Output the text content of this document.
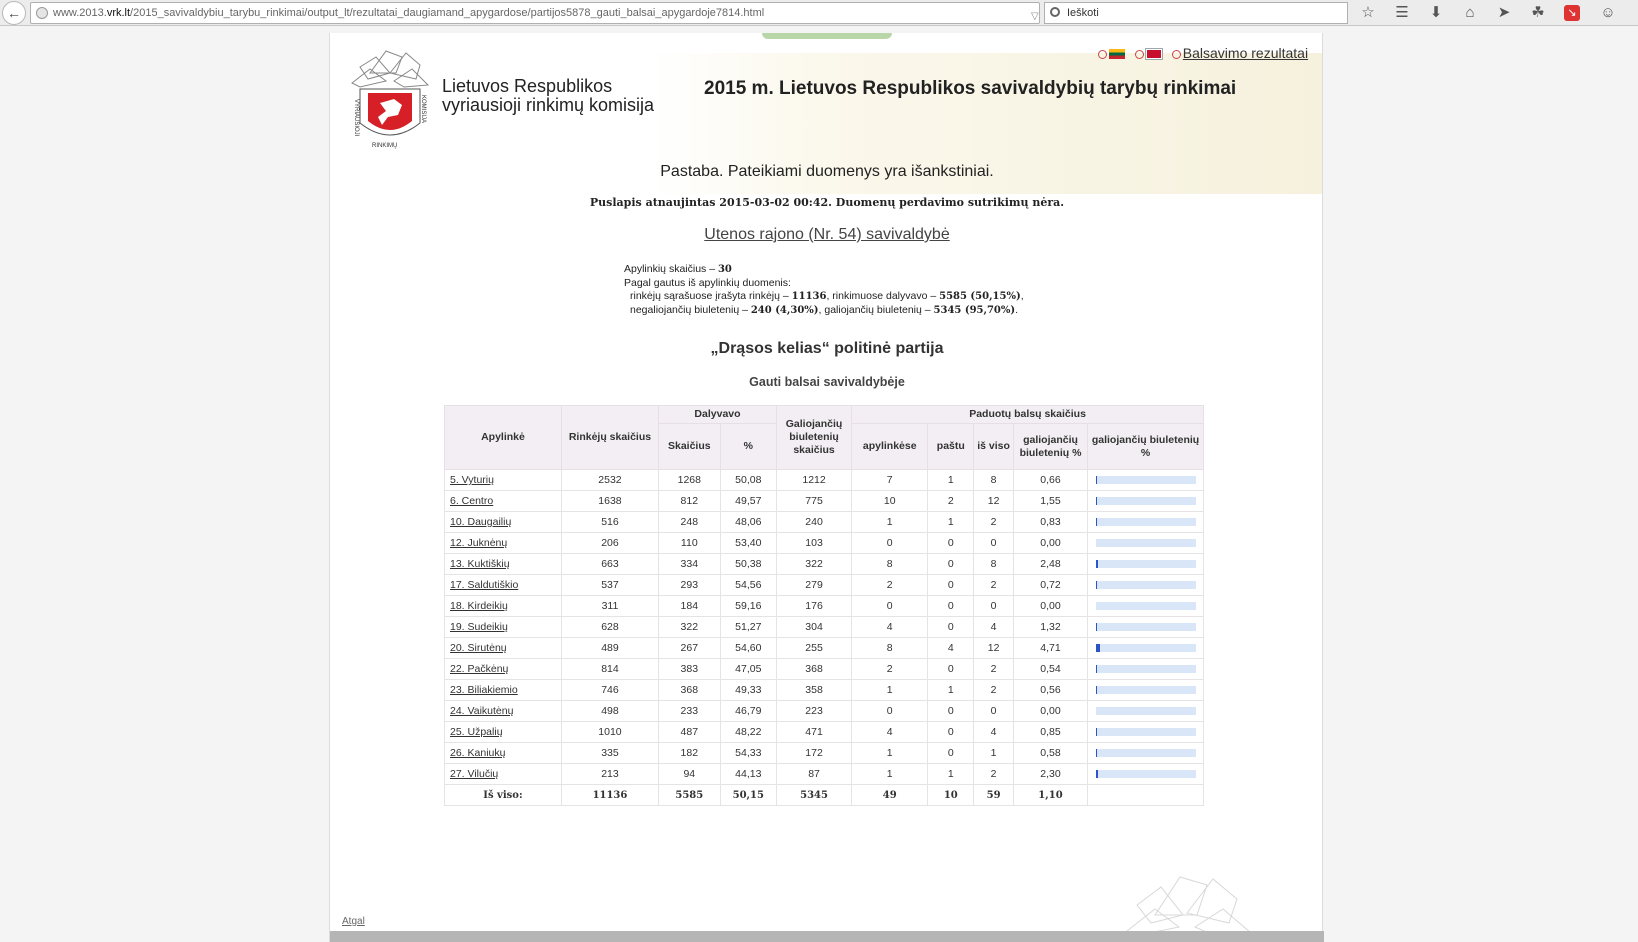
←	www.2013.vrk.lt/2015_savivaldybiu_tarybu_rinkimai/output_lt/rezultatai_daugiamand_apygardose/partijos5878_gauti_balsai_apygardoje7814.html	▽	Ieškoti	☆ ☰ ⬇	⌂	➤ ☘	↘ ☺
VYRIAUSIOJI	KOMISIJA
RINKIMŲ
Lietuvos Respublikos
vyriausioji rinkimų komisija
2015 m. Lietuvos Respublikos savivaldybių tarybų rinkimai
Balsavimo rezultatai
Pastaba. Pateikiami duomenys yra išankstiniai.
Puslapis atnaujintas 2015-03-02 00:42. Duomenų perdavimo sutrikimų nėra.
Utenos rajono (Nr. 54) savivaldybė
Apylinkių skaičius – 30
Pagal gautus iš apylinkių duomenis:
rinkėjų sąrašuose įrašyta rinkėjų – 11136, rinkimuose dalyvavo – 5585 (50,15%),
negaliojančių biuletenių – 240 (4,30%), galiojančių biuletenių – 5345 (95,70%).
„Drąsos kelias“ politinė partija
Gauti balsai savivaldybėje
Apylinkė	Rinkėjų skaičius	Dalyvavo		Galiojančių biuletenių skaičius	Paduotų balsų skaičius				
		Skaičius	%		apylinkėse	paštu	iš viso	galiojančių biuletenių %	galiojančių biuletenių %
5. Vyturių	2532	1268	50,08	1212	7	1	8	0,66	

6. Centro	1638	812	49,57	775	10	2	12	1,55	

10. Daugailių	516	248	48,06	240	1	1	2	0,83	

12. Juknėnų	206	110	53,40	103	0	0	0	0,00	

13. Kuktiškių	663	334	50,38	322	8	0	8	2,48	

17. Saldutiškio	537	293	54,56	279	2	0	2	0,72	

18. Kirdeikių	311	184	59,16	176	0	0	0	0,00	

19. Sudeikių	628	322	51,27	304	4	0	4	1,32	

20. Sirutėnų	489	267	54,60	255	8	4	12	4,71	

22. Pačkėnų	814	383	47,05	368	2	0	2	0,54	

23. Biliakiemio	746	368	49,33	358	1	1	2	0,56	

24. Vaikutėnų	498	233	46,79	223	0	0	0	0,00	

25. Užpalių	1010	487	48,22	471	4	0	4	0,85	

26. Kaniukų	335	182	54,33	172	1	0	1	0,58	

27. Vilučių	213	94	44,13	87	1	1	2	2,30	

Iš viso:	11136	5585	50,15	5345	49	10	59	1,10	
Atgal
